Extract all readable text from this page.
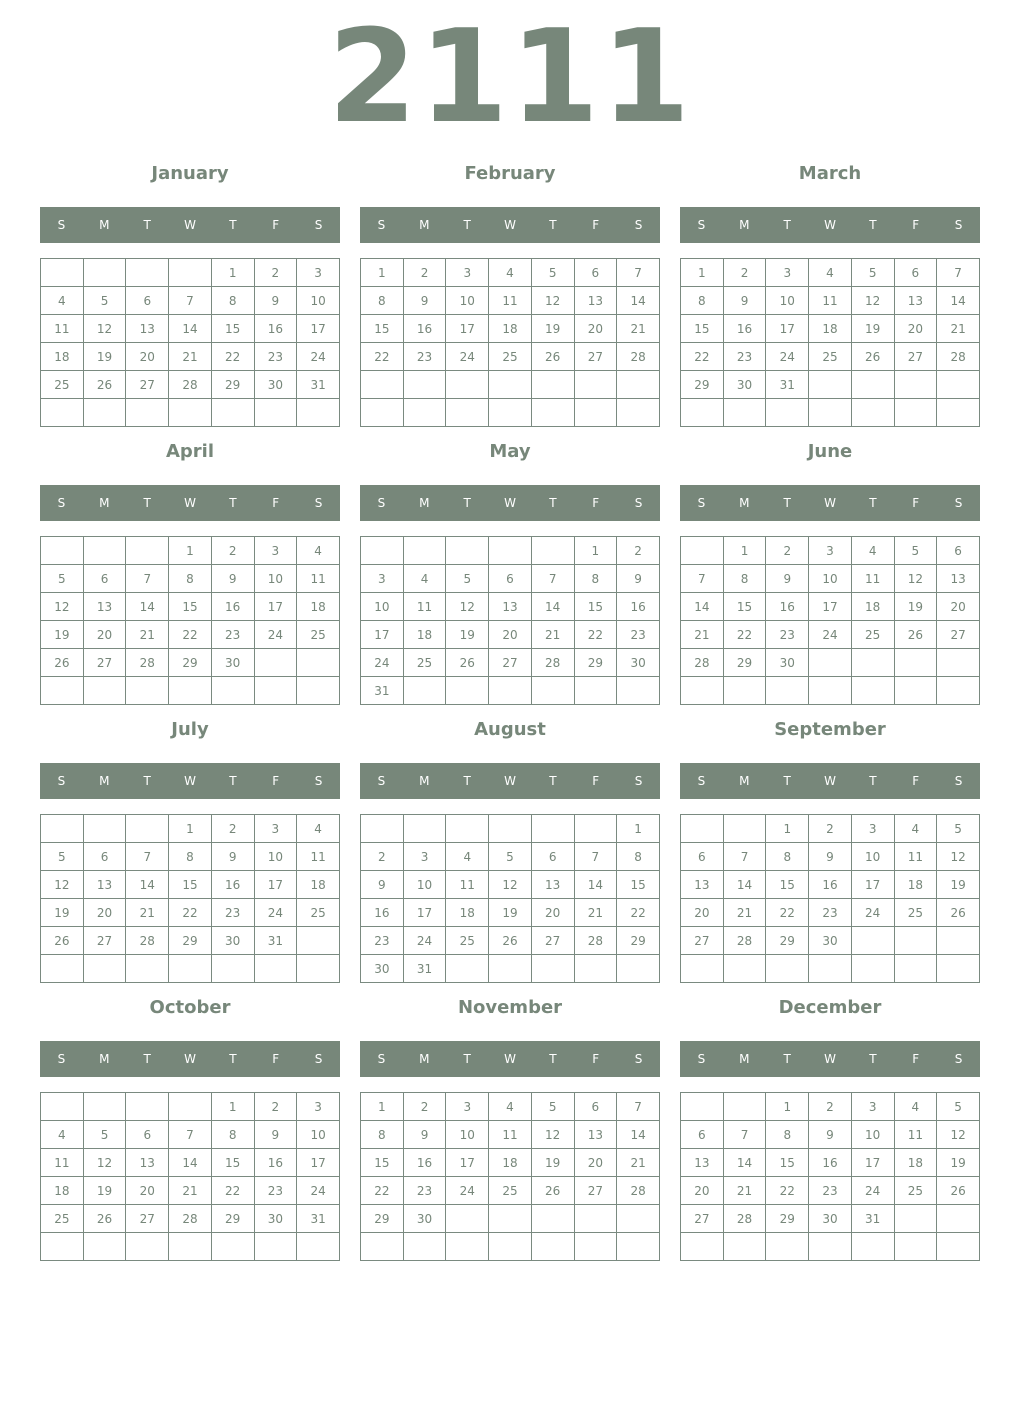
2111
January
S	M	T	W	T	F	S
				1	2	3
4	5	6	7	8	9	10
11	12	13	14	15	16	17
18	19	20	21	22	23	24
25	26	27	28	29	30	31

February
S	M	T	W	T	F	S
1	2	3	4	5	6	7
8	9	10	11	12	13	14
15	16	17	18	19	20	21
22	23	24	25	26	27	28

March
S	M	T	W	T	F	S
1	2	3	4	5	6	7
8	9	10	11	12	13	14
15	16	17	18	19	20	21
22	23	24	25	26	27	28
29	30	31				

April
S	M	T	W	T	F	S
			1	2	3	4
5	6	7	8	9	10	11
12	13	14	15	16	17	18
19	20	21	22	23	24	25
26	27	28	29	30		

May
S	M	T	W	T	F	S
					1	2
3	4	5	6	7	8	9
10	11	12	13	14	15	16
17	18	19	20	21	22	23
24	25	26	27	28	29	30
31						
June
S	M	T	W	T	F	S
	1	2	3	4	5	6
7	8	9	10	11	12	13
14	15	16	17	18	19	20
21	22	23	24	25	26	27
28	29	30				

July
S	M	T	W	T	F	S
			1	2	3	4
5	6	7	8	9	10	11
12	13	14	15	16	17	18
19	20	21	22	23	24	25
26	27	28	29	30	31	

August
S	M	T	W	T	F	S
						1
2	3	4	5	6	7	8
9	10	11	12	13	14	15
16	17	18	19	20	21	22
23	24	25	26	27	28	29
30	31					
September
S	M	T	W	T	F	S
		1	2	3	4	5
6	7	8	9	10	11	12
13	14	15	16	17	18	19
20	21	22	23	24	25	26
27	28	29	30			

October
S	M	T	W	T	F	S
				1	2	3
4	5	6	7	8	9	10
11	12	13	14	15	16	17
18	19	20	21	22	23	24
25	26	27	28	29	30	31

November
S	M	T	W	T	F	S
1	2	3	4	5	6	7
8	9	10	11	12	13	14
15	16	17	18	19	20	21
22	23	24	25	26	27	28
29	30					

December
S	M	T	W	T	F	S
		1	2	3	4	5
6	7	8	9	10	11	12
13	14	15	16	17	18	19
20	21	22	23	24	25	26
27	28	29	30	31		
